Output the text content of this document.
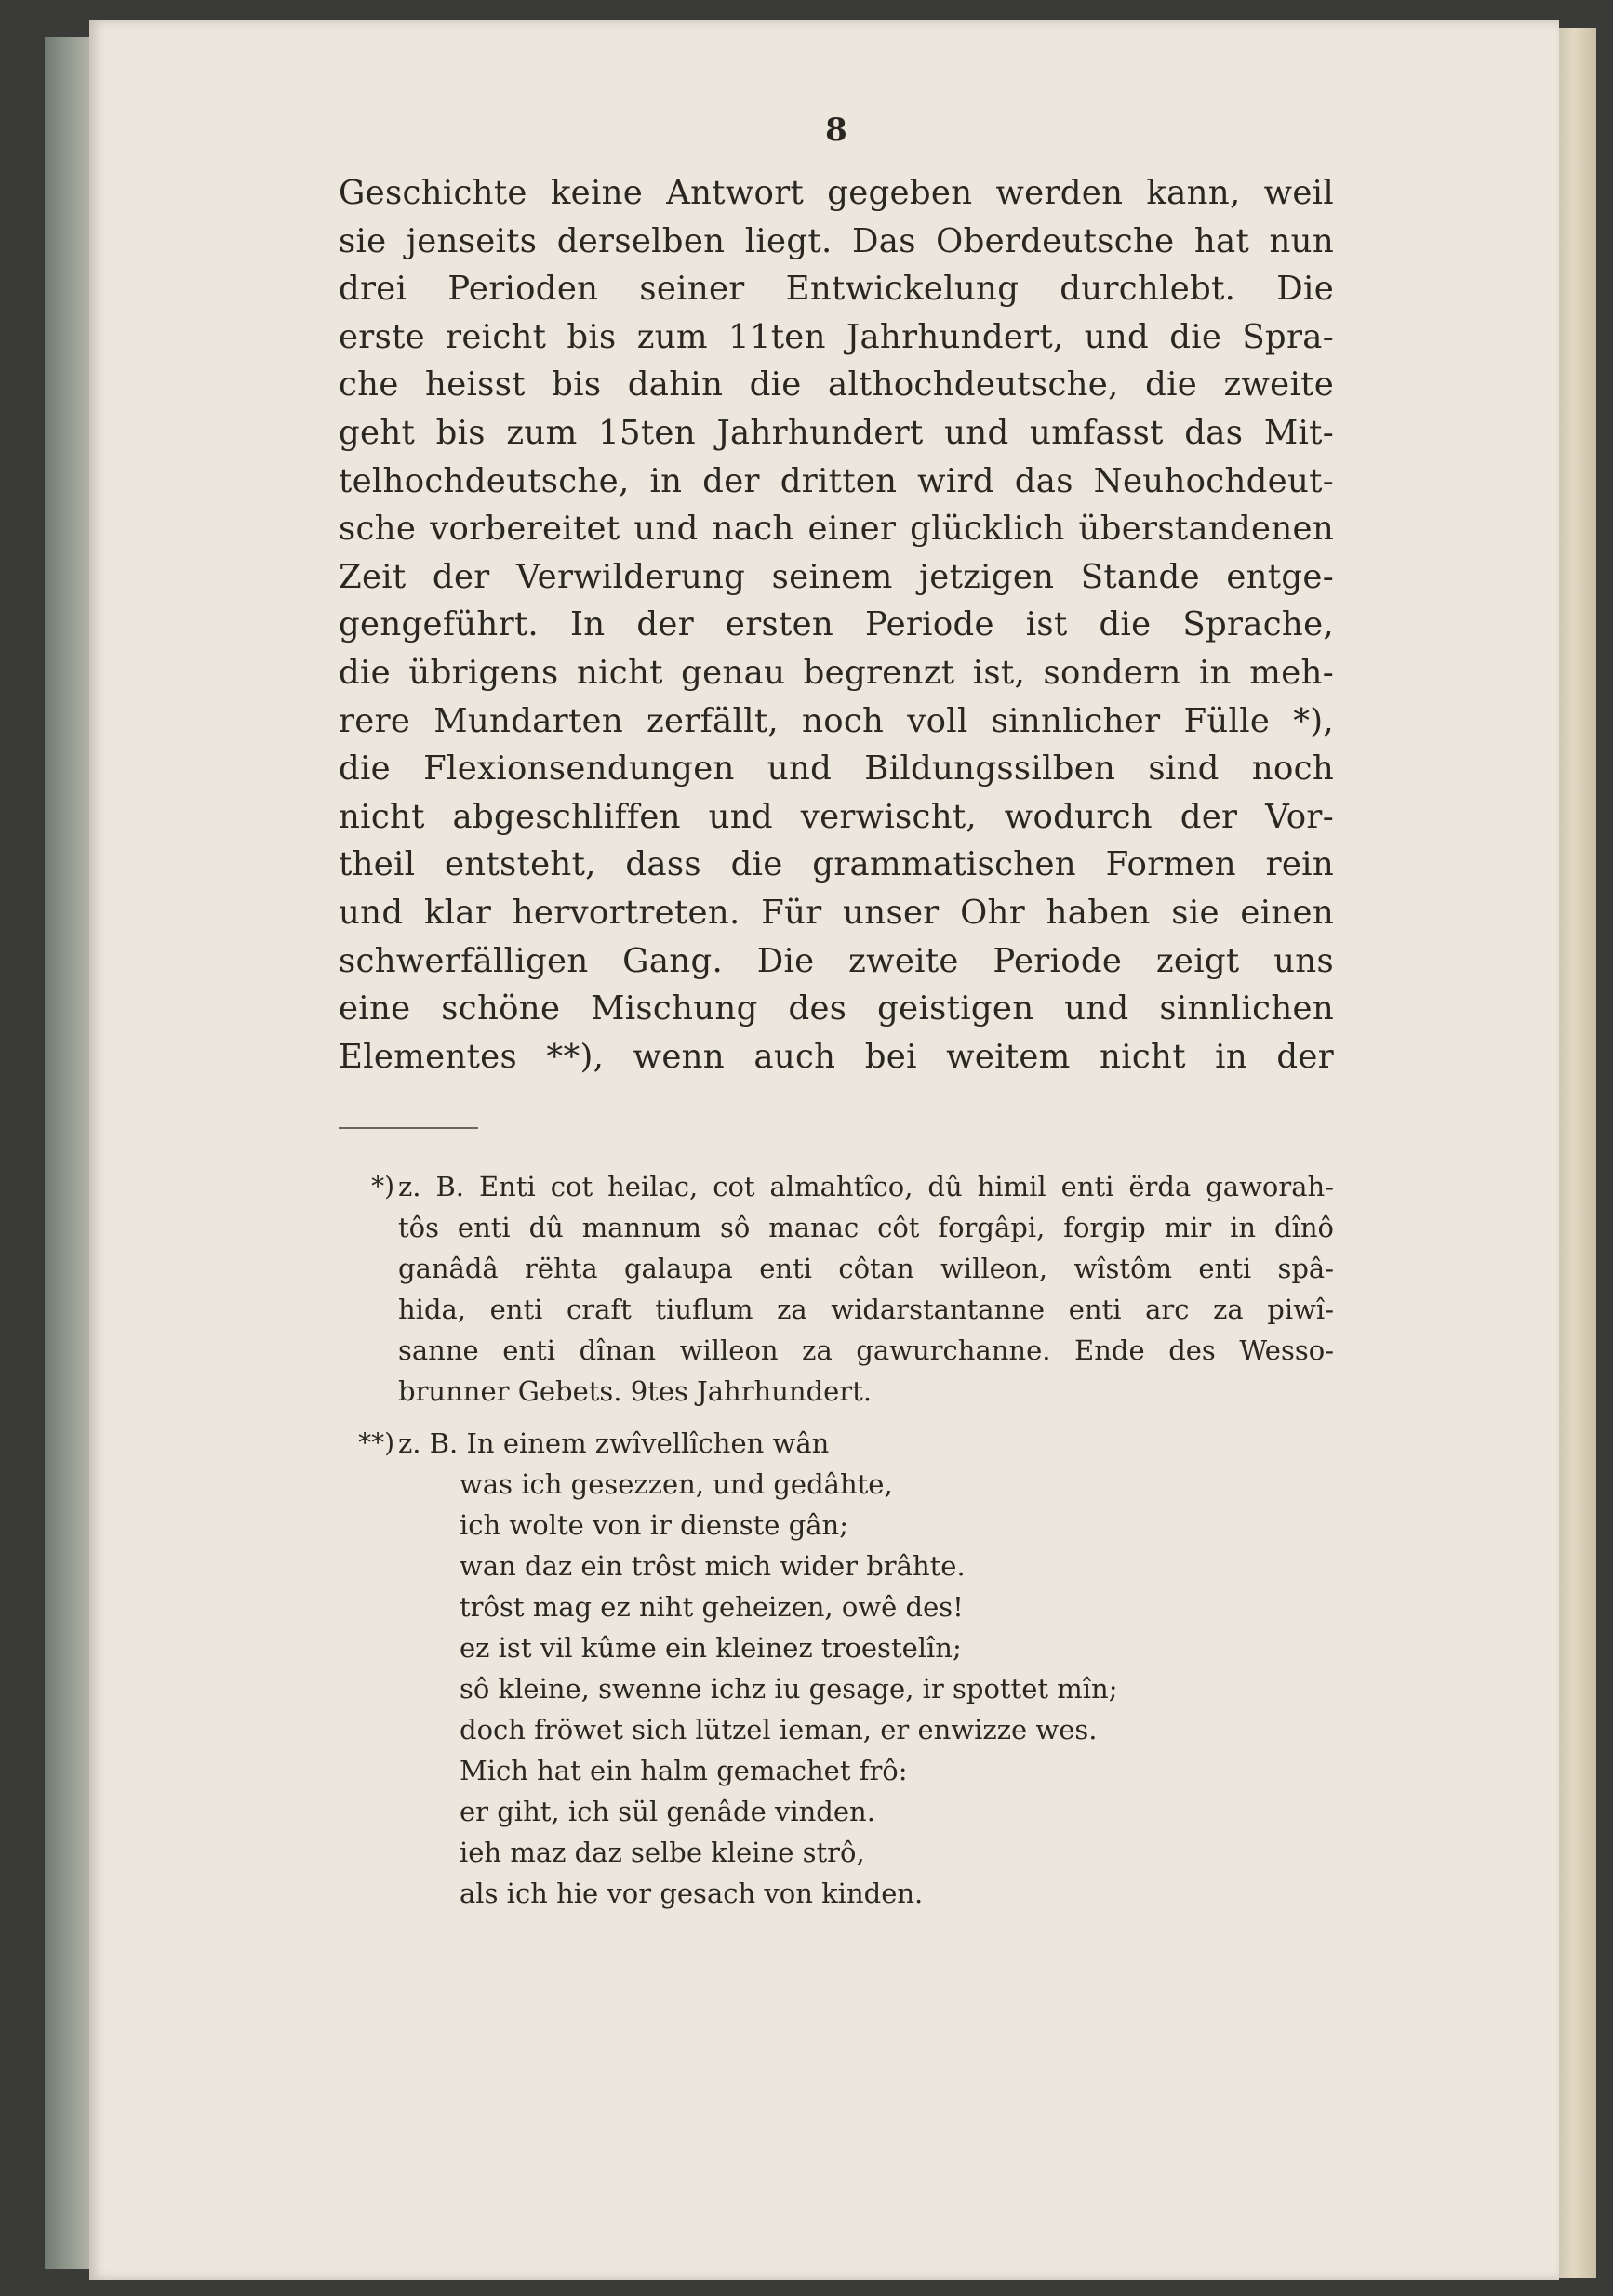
8

Geschichte keine Antwort gegeben werden kann, weil

sie jenseits derselben liegt. Das Oberdeutsche hat nun

drei Perioden seiner Entwickelung durchlebt. Die

erste reicht bis zum 11ten Jahrhundert, und die Spra-

che heisst bis dahin die althochdeutsche, die zweite

geht bis zum 15ten Jahrhundert und umfasst das Mit-

telhochdeutsche, in der dritten wird das Neuhochdeut-

sche vorbereitet und nach einer glücklich überstandenen

Zeit der Verwilderung seinem jetzigen Stande entge-

gengeführt. In der ersten Periode ist die Sprache,

die übrigens nicht genau begrenzt ist, sondern in meh-

rere Mundarten zerfällt, noch voll sinnlicher Fülle *),

die Flexionsendungen und Bildungssilben sind noch

nicht abgeschliffen und verwischt, wodurch der Vor-

theil entsteht, dass die grammatischen Formen rein

und klar hervortreten. Für unser Ohr haben sie einen

schwerfälligen Gang. Die zweite Periode zeigt uns

eine schöne Mischung des geistigen und sinnlichen

Elementes **), wenn auch bei weitem nicht in der

*) z. B. Enti cot heilac, cot almahtîco, dû himil enti ërda gaworah-

tôs enti dû mannum sô manac côt forgâpi, forgip mir in dînô

ganâdâ rëhta galaupa enti côtan willeon, wîstôm enti spâ-

hida, enti craft tiuflum za widarstantanne enti arc za piwî-

sanne enti dînan willeon za gawurchanne. Ende des Wesso-

brunner Gebets. 9tes Jahrhundert.

**) z. B. In einem zwîvellîchen wân

was ich gesezzen, und gedâhte,

ich wolte von ir dienste gân;

wan daz ein trôst mich wider brâhte.

trôst mag ez niht geheizen, owê des!

ez ist vil kûme ein kleinez troestelîn;

sô kleine, swenne ichz iu gesage, ir spottet mîn;

doch fröwet sich lützel ieman, er enwizze wes.

Mich hat ein halm gemachet frô:

er giht, ich sül genâde vinden.

ieh maz daz selbe kleine strô,

als ich hie vor gesach von kinden.
